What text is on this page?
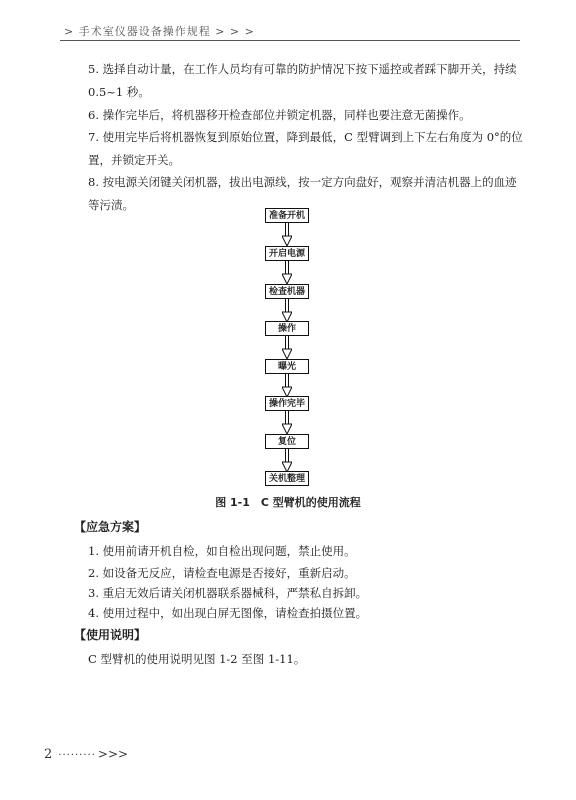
> 手术室仪器设备操作规程 > > >

5. 选择自动计量，在工作人员均有可靠的防护情况下按下遥控或者踩下脚开关，持续 0.5~1 秒。

6. 操作完毕后，将机器移开检查部位并锁定机器，同样也要注意无菌操作。

7. 使用完毕后将机器恢复到原始位置，降到最低，C 型臂调到上下左右角度为 0°的位置，并锁定开关。

8. 按电源关闭键关闭机器，拔出电源线，按一定方向盘好，观察并清洁机器上的血迹等污渍。

准备开机
开启电源
检查机器
操作
曝光
操作完毕
复位
关机整理
图 1-1　C 型臂机的使用流程
【应急方案】
1. 使用前请开机自检，如自检出现问题，禁止使用。
2. 如设备无反应，请检查电源是否接好，重新启动。
3. 重启无效后请关闭机器联系器械科，严禁私自拆卸。
4. 使用过程中，如出现白屏无图像，请检查拍摄位置。
【使用说明】
C 型臂机的使用说明见图 1-2 至图 1-11。
2 ········· >>>
